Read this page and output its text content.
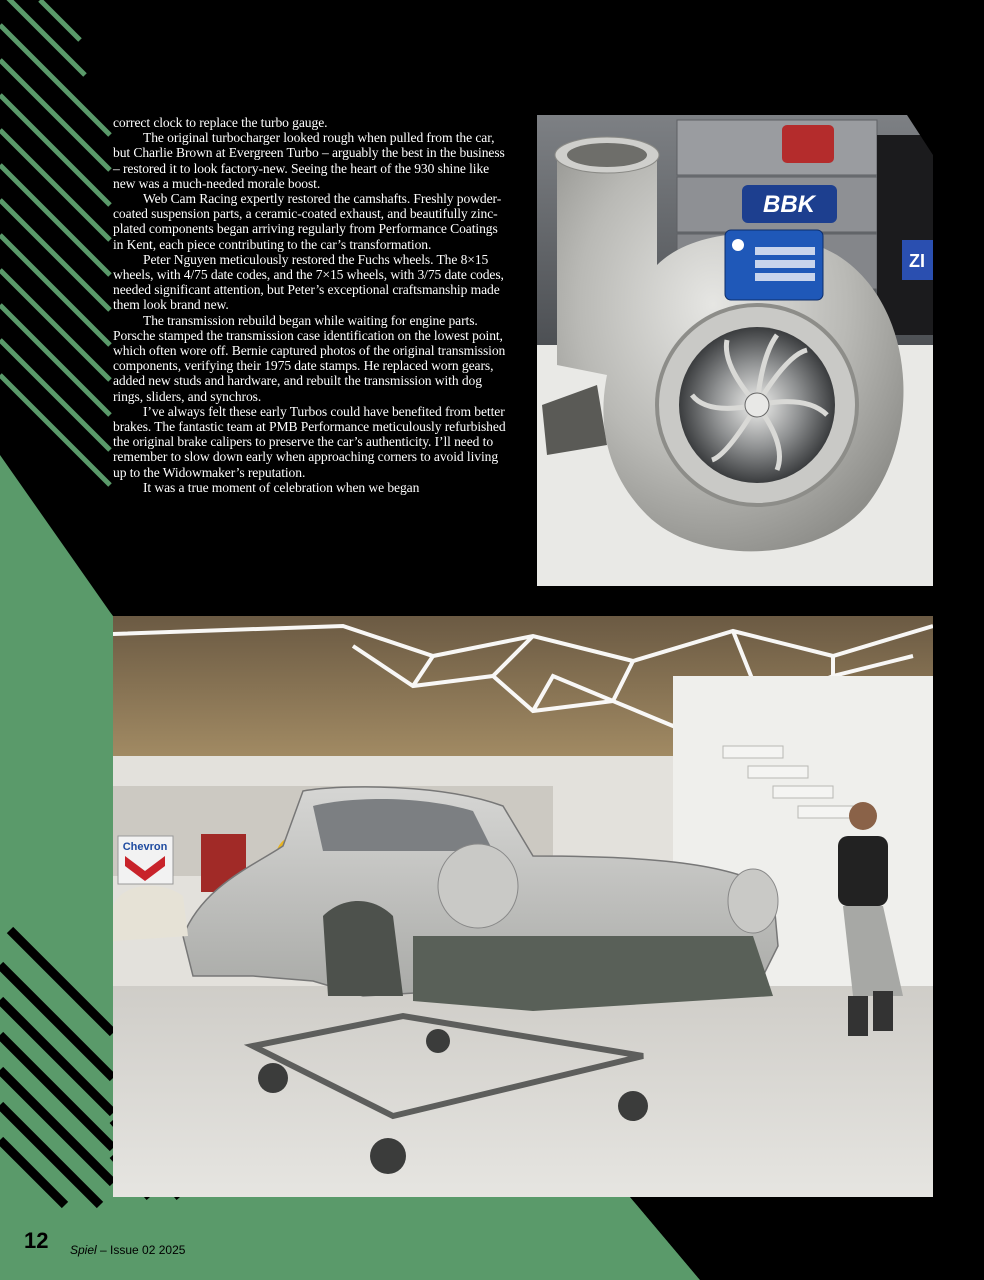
correct clock to replace the turbo gauge.

The original turbocharger looked rough when pulled from the car, but Charlie Brown at Evergreen Turbo – arguably the best in the business – restored it to look factory-new. Seeing the heart of the 930 shine like new was a much-needed morale boost.

Web Cam Racing expertly restored the camshafts. Freshly powder-coated suspension parts, a ceramic-coated exhaust, and beautifully zinc-plated components began arriving regularly from Performance Coatings in Kent, each piece contributing to the car’s transformation.

Peter Nguyen meticulously restored the Fuchs wheels. The 8×15 wheels, with 4/75 date codes, and the 7×15 wheels, with 3/75 date codes, needed significant attention, but Peter’s exceptional craftsmanship made them look brand new.

The transmission rebuild began while waiting for engine parts. Porsche stamped the transmission case identification on the lowest point, which often wore off. Bernie captured photos of the original transmission components, verifying their 1975 date stamps. He replaced worn gears, added new studs and hardware, and rebuilt the transmission with dog rings, sliders, and synchros.

I’ve always felt these early Turbos could have benefited from better brakes. The fantastic team at PMB Performance meticulously refurbished the original brake calipers to preserve the car’s authenticity. I’ll need to remember to slow down early when approaching corners to avoid living up to the Widowmaker’s reputation.

It was a true moment of celebration when we began

BBK
ZI
Chevron
12 Spiel – Issue 02 2025
